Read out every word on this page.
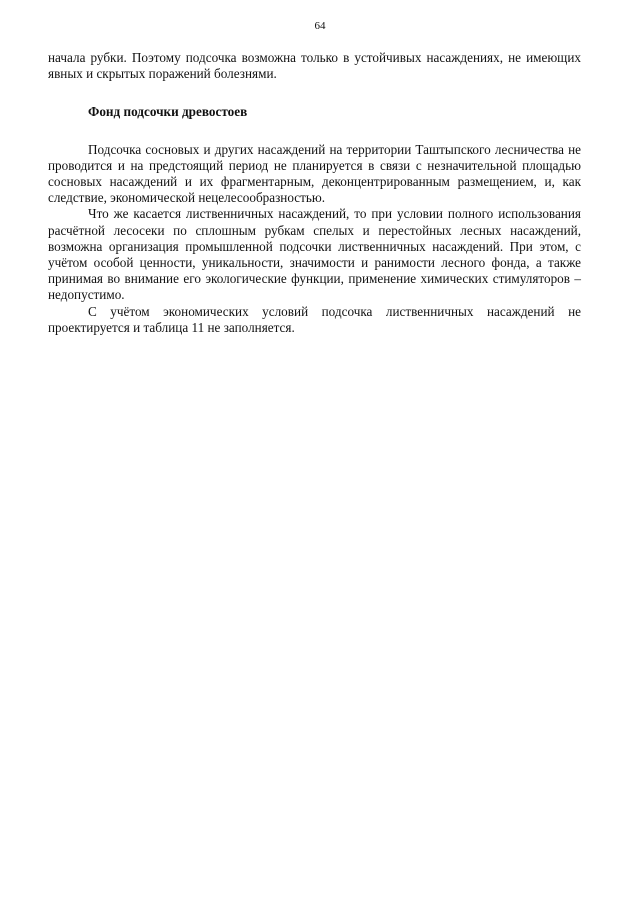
64

начала рубки. Поэтому подсочка возможна только в устойчивых насаждениях, не имеющих явных и скрытых поражений болезнями.

Фонд подсочки древостоев

Подсочка сосновых и других насаждений на территории Таштыпского лесничества не проводится и на предстоящий период не планируется в связи с незначительной площадью сосновых насаждений и их фрагментарным, деконцентрированным размещением, и, как следствие, экономической нецелесообразностью.

Что же касается лиственничных насаждений, то при условии полного использования расчётной лесосеки по сплошным рубкам спелых и перестойных лесных насаждений, возможна организация промышленной подсочки лиственничных насаждений. При этом, с учётом особой ценности, уникальности, значимости и ранимости лесного фонда, а также принимая во внимание его экологические функции, применение химических стимуляторов – недопустимо.

С учётом экономических условий подсочка лиственничных насаждений не проектируется и таблица 11 не заполняется.
